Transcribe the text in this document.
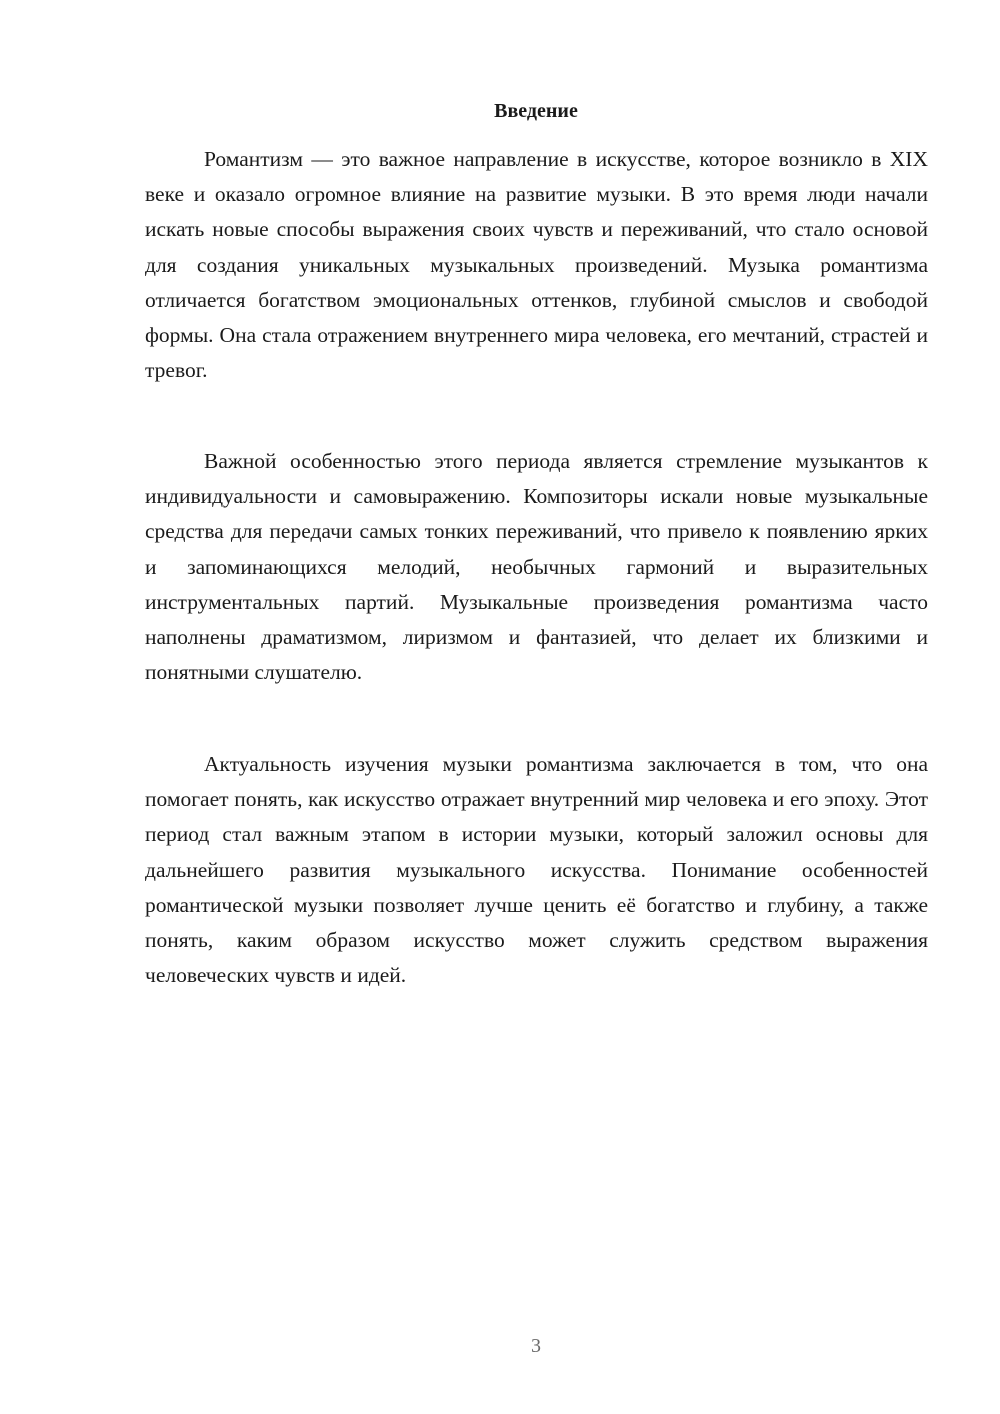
Введение

Романтизм — это важное направление в искусстве, которое возникло в XIX веке и оказало огромное влияние на развитие музыки. В это время люди начали искать новые способы выражения своих чувств и переживаний, что стало основой для создания уникальных музыкальных произведений. Музыка романтизма отличается богатством эмоциональных оттенков, глубиной смыслов и свободой формы. Она стала отражением внутреннего мира человека, его мечтаний, страстей и тревог.

Важной особенностью этого периода является стремление музыкантов к индивидуальности и самовыражению. Композиторы искали новые музыкальные средства для передачи самых тонких переживаний, что привело к появлению ярких и запоминающихся мелодий, необычных гармоний и выразительных инструментальных партий. Музыкальные произведения романтизма часто наполнены драматизмом, лиризмом и фантазией, что делает их близкими и понятными слушателю.

Актуальность изучения музыки романтизма заключается в том, что она помогает понять, как искусство отражает внутренний мир человека и его эпоху. Этот период стал важным этапом в истории музыки, который заложил основы для дальнейшего развития музыкального искусства. Понимание особенностей романтической музыки позволяет лучше ценить её богатство и глубину, а также понять, каким образом искусство может служить средством выражения человеческих чувств и идей.

3
